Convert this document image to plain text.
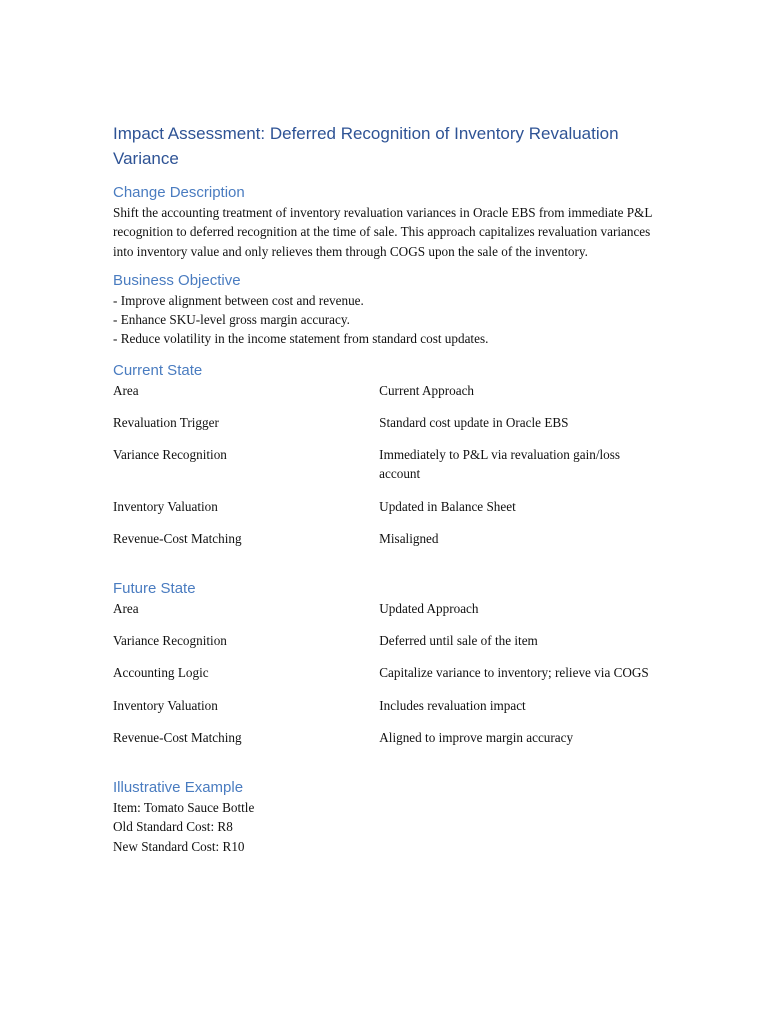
Impact Assessment: Deferred Recognition of Inventory Revaluation Variance
Change Description

Shift the accounting treatment of inventory revaluation variances in Oracle EBS from immediate P&L recognition to deferred recognition at the time of sale. This approach capitalizes revaluation variances into inventory value and only relieves them through COGS upon the sale of the inventory.

Business Objective
- Improve alignment between cost and revenue.
- Enhance SKU-level gross margin accuracy.
- Reduce volatility in the income statement from standard cost updates.
Current State
Area	Current Approach
Revaluation Trigger	Standard cost update in Oracle EBS
Variance Recognition	Immediately to P&L via revaluation gain/loss account
Inventory Valuation	Updated in Balance Sheet
Revenue-Cost Matching	Misaligned
Future State
Area	Updated Approach
Variance Recognition	Deferred until sale of the item
Accounting Logic	Capitalize variance to inventory; relieve via COGS
Inventory Valuation	Includes revaluation impact
Revenue-Cost Matching	Aligned to improve margin accuracy
Illustrative Example
Item: Tomato Sauce Bottle
Old Standard Cost: R8
New Standard Cost: R10
